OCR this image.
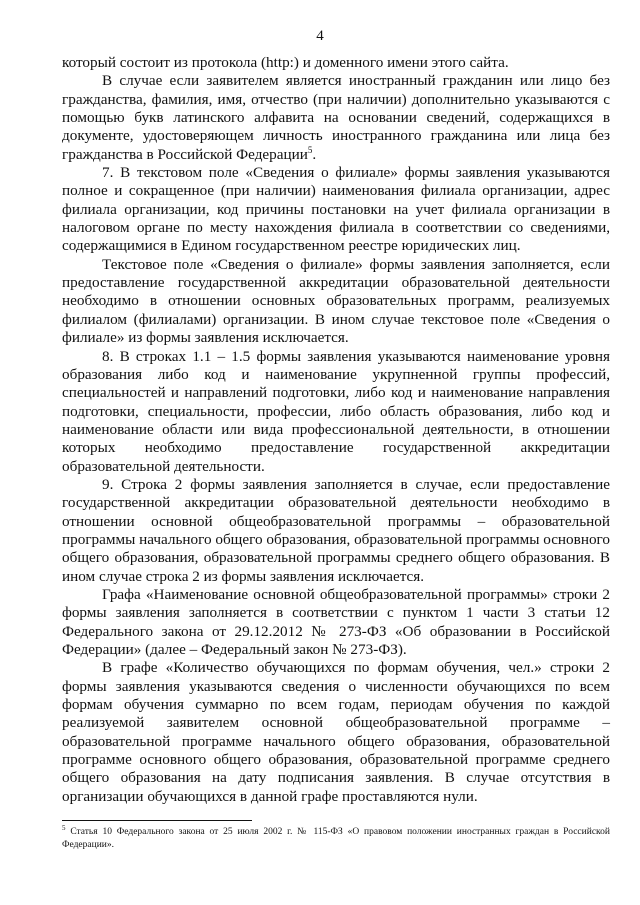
4

который состоит из протокола (http:) и доменного имени этого сайта.

В случае если заявителем является иностранный гражданин или лицо без гражданства, фамилия, имя, отчество (при наличии) дополнительно указываются с помощью букв латинского алфавита на основании сведений, содержащихся в документе, удостоверяющем личность иностранного гражданина или лица без гражданства в Российской Федерации$^5$.

7. В текстовом поле «Сведения о филиале» формы заявления указываются полное и сокращенное (при наличии) наименования филиала организации, адрес филиала организации, код причины постановки на учет филиала организации в налоговом органе по месту нахождения филиала в соответствии со сведениями, содержащимися в Едином государственном реестре юридических лиц.

Текстовое поле «Сведения о филиале» формы заявления заполняется, если предоставление государственной аккредитации образовательной деятельности необходимо в отношении основных образовательных программ, реализуемых филиалом (филиалами) организации. В ином случае текстовое поле «Сведения о филиале» из формы заявления исключается.

8. В строках 1.1 – 1.5 формы заявления указываются наименование уровня образования либо код и наименование укрупненной группы профессий, специальностей и направлений подготовки, либо код и наименование направления подготовки, специальности, профессии, либо область образования, либо код и наименование области или вида профессиональной деятельности, в отношении которых необходимо предоставление государственной аккредитации образовательной деятельности.

9. Строка 2 формы заявления заполняется в случае, если предоставление государственной аккредитации образовательной деятельности необходимо в отношении основной общеобразовательной программы – образовательной программы начального общего образования, образовательной программы основного общего образования, образовательной программы среднего общего образования. В ином случае строка 2 из формы заявления исключается.

Графа «Наименование основной общеобразовательной программы» строки 2 формы заявления заполняется в соответствии с пунктом 1 части 3 статьи 12 Федерального закона от 29.12.2012 № 273-ФЗ «Об образовании в Российской Федерации» (далее – Федеральный закон № 273-ФЗ).

В графе «Количество обучающихся по формам обучения, чел.» строки 2 формы заявления указываются сведения о численности обучающихся по всем формам обучения суммарно по всем годам, периодам обучения по каждой реализуемой заявителем основной общеобразовательной программе – образовательной программе начального общего образования, образовательной программе основного общего образования, образовательной программе среднего общего образования на дату подписания заявления. В случае отсутствия в организации обучающихся в данной графе проставляются нули.

$^5$ Статья 10 Федерального закона от 25 июля 2002 г. № 115-ФЗ «О правовом положении иностранных граждан в Российской Федерации».
